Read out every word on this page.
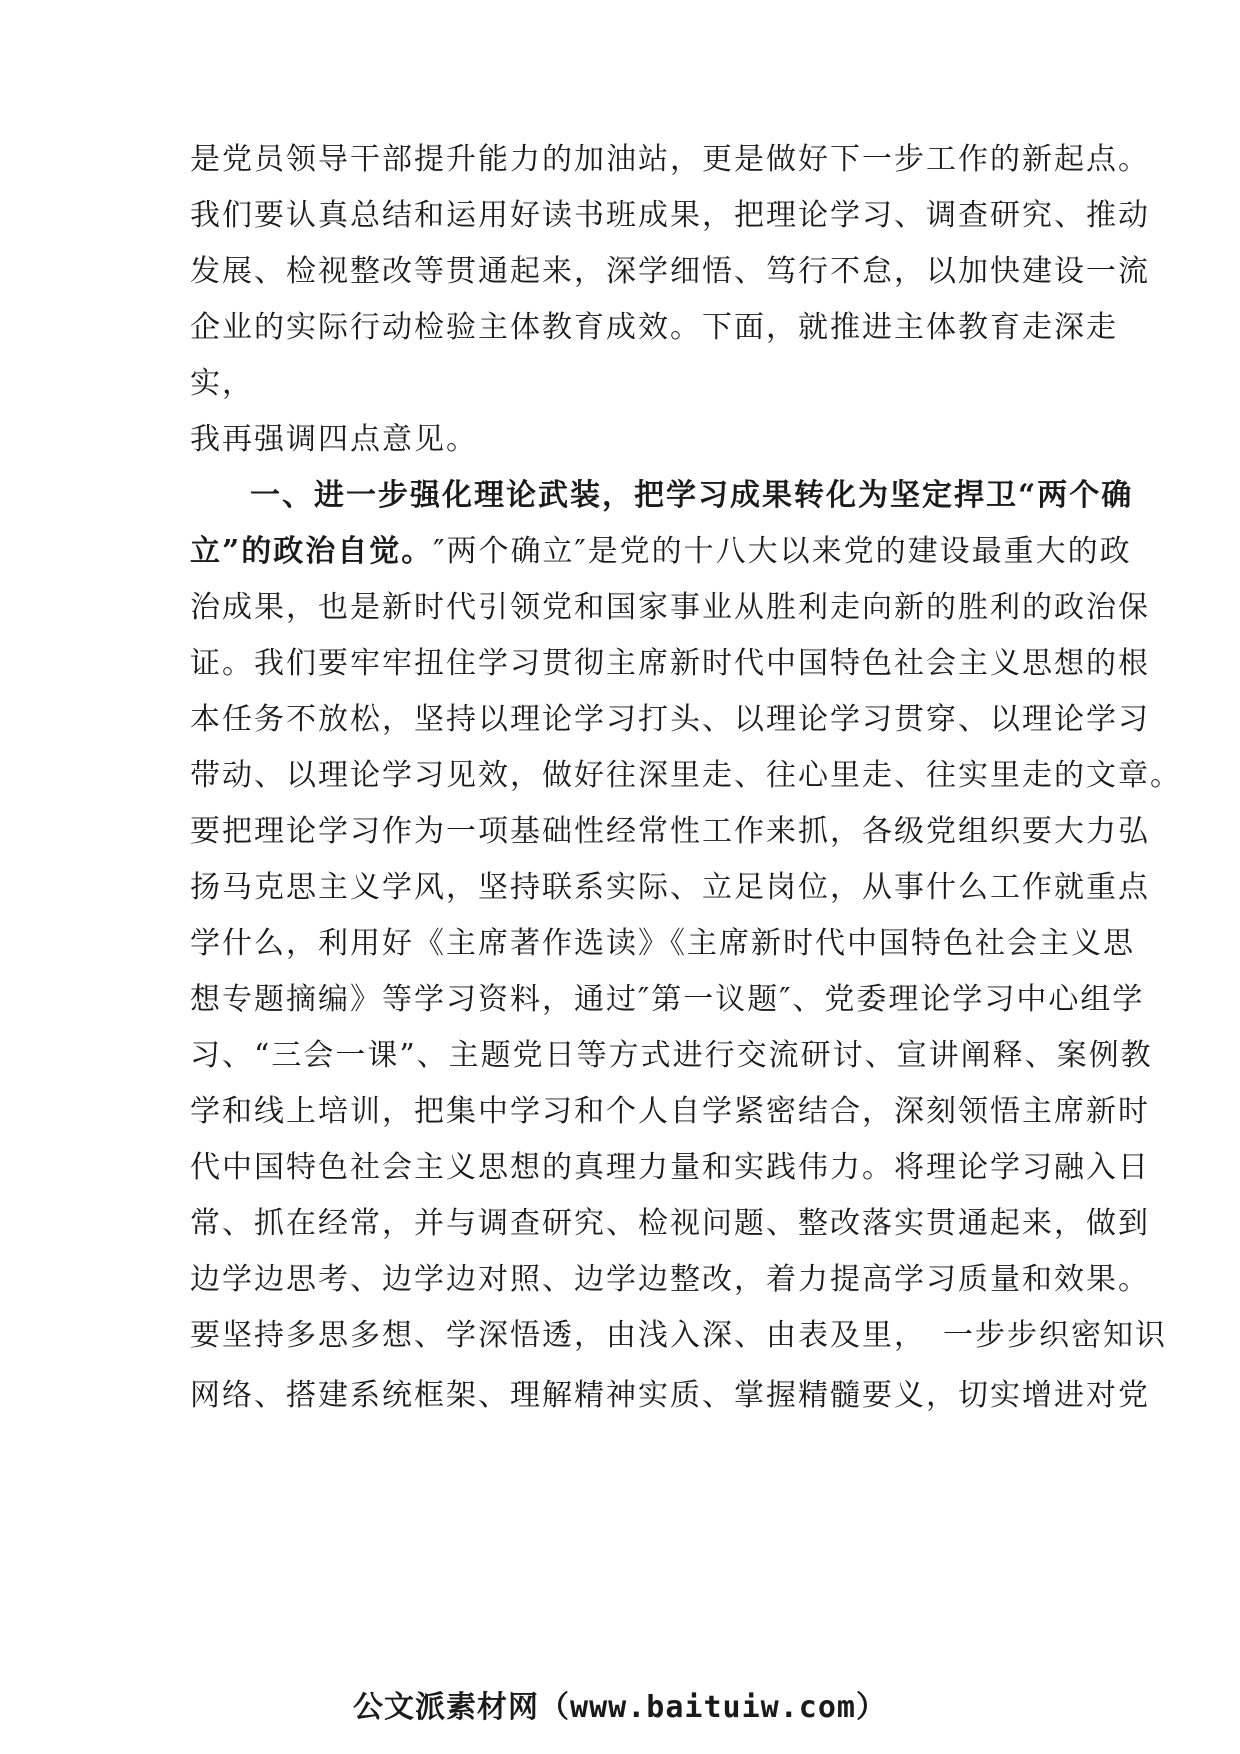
是党员领导干部提升能力的加油站，更是做好下一步工作的新起点。
我们要认真总结和运用好读书班成果，把理论学习、调查研究、推动
发展、检视整改等贯通起来，深学细悟、笃行不怠，以加快建设一流
企业的实际行动检验主体教育成效。下面，就推进主体教育走深走
实，
我再强调四点意见。
一、进一步强化理论武装，把学习成果转化为坚定捍卫“两个确
立”的政治自觉。″两个确立″是党的十八大以来党的建设最重大的政
治成果，也是新时代引领党和国家事业从胜利走向新的胜利的政治保
证。我们要牢牢扭住学习贯彻主席新时代中国特色社会主义思想的根
本任务不放松，坚持以理论学习打头、以理论学习贯穿、以理论学习
带动、以理论学习见效，做好往深里走、往心里走、往实里走的文章。
要把理论学习作为一项基础性经常性工作来抓，各级党组织要大力弘
扬马克思主义学风，坚持联系实际、立足岗位，从事什么工作就重点
学什么，利用好《主席著作选读》《主席新时代中国特色社会主义思
想专题摘编》等学习资料，通过″第一议题″、党委理论学习中心组学
习、“三会一课”、主题党日等方式进行交流研讨、宣讲阐释、案例教
学和线上培训，把集中学习和个人自学紧密结合，深刻领悟主席新时
代中国特色社会主义思想的真理力量和实践伟力。将理论学习融入日
常、抓在经常，并与调查研究、检视问题、整改落实贯通起来，做到
边学边思考、边学边对照、边学边整改，着力提高学习质量和效果。
要坚持多思多想、学深悟透，由浅入深、由表及里，　一步步织密知识
网络、搭建系统框架、理解精神实质、掌握精髓要义，切实增进对党
公文派素材网（www.baituiw.com）
